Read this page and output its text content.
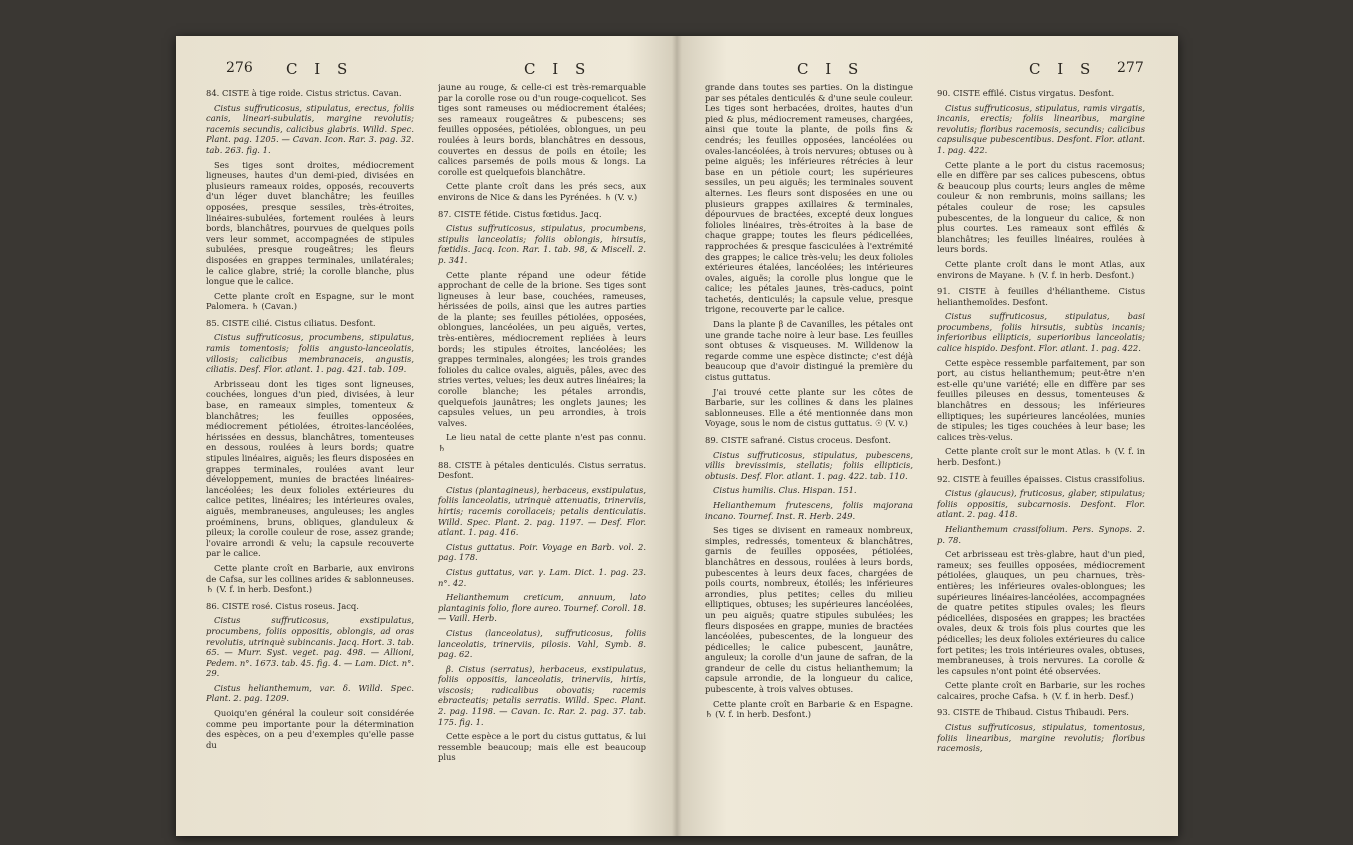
276 C I S	C I S

84. CISTE à tige roide. Cistus strictus. Cavan.

Cistus suffruticosus, stipulatus, erectus, foliis canis, lineari-subulatis, margine revolutis; racemis secundis, calicibus glabris. Willd. Spec. Plant. pag. 1205. — Cavan. Icon. Rar. 3. pag. 32. tab. 263. fig. 1.

Ses tiges sont droites, médiocrement ligneuses, hautes d'un demi-pied, divisées en plusieurs rameaux roides, opposés, recouverts d'un léger duvet blanchâtre; les feuilles opposées, presque sessiles, très-étroites, linéaires-subulées, fortement roulées à leurs bords, blanchâtres, pourvues de quelques poils vers leur sommet, accompagnées de stipules subulées, presque rougeâtres; les fleurs disposées en grappes terminales, unilatérales; le calice glabre, strié; la corolle blanche, plus longue que le calice.

Cette plante croît en Espagne, sur le mont Palomera. ♄ (Cavan.)

85. CISTE cilié. Cistus ciliatus. Desfont.

Cistus suffruticosus, procumbens, stipulatus, ramis tomentosis; foliis angusto-lanceolatis, villosis; calicibus membranaceis, angustis, ciliatis. Desf. Flor. atlant. 1. pag. 421. tab. 109.

Arbrisseau dont les tiges sont ligneuses, couchées, longues d'un pied, divisées, à leur base, en rameaux simples, tomenteux & blanchâtres; les feuilles opposées, médiocrement pétiolées, étroites-lancéolées, hérissées en dessus, blanchâtres, tomenteuses en dessous, roulées à leurs bords; quatre stipules linéaires, aiguës; les fleurs disposées en grappes terminales, roulées avant leur développement, munies de bractées linéaires-lancéolées; les deux folioles extérieures du calice petites, linéaires; les intérieures ovales, aiguës, membraneuses, anguleuses; les angles proéminens, bruns, obliques, glanduleux & pileux; la corolle couleur de rose, assez grande; l'ovaire arrondi & velu; la capsule recouverte par le calice.

Cette plante croît en Barbarie, aux environs de Cafsa, sur les collines arides & sablonneuses. ♄ (V. f. in herb. Desfont.)

86. CISTE rosé. Cistus roseus. Jacq.

Cistus suffruticosus, exstipulatus, procumbens, foliis oppositis, oblongis, ad oras revolutis, utrinquè subincanis. Jacq. Hort. 3. tab. 65. — Murr. Syst. veget. pag. 498. — Allioni, Pedem. n°. 1673. tab. 45. fig. 4. — Lam. Dict. n°. 29.

Cistus helianthemum, var. δ. Willd. Spec. Plant. 2. pag. 1209.

Quoiqu'en général la couleur soit considérée comme peu importante pour la détermination des espèces, on a peu d'exemples qu'elle passe du

jaune au rouge, & celle-ci est très-remarquable par la corolle rose ou d'un rouge-coquelicot. Ses tiges sont rameuses ou médiocrement étalées; ses rameaux rougeâtres & pubescens; ses feuilles opposées, pétiolées, oblongues, un peu roulées à leurs bords, blanchâtres en dessous, couvertes en dessus de poils en étoile; les calices parsemés de poils mous & longs. La corolle est quelquefois blanchâtre.

Cette plante croît dans les prés secs, aux environs de Nice & dans les Pyrénées. ♄ (V. v.)

87. CISTE fétide. Cistus fœtidus. Jacq.

Cistus suffruticosus, stipulatus, procumbens, stipulis lanceolatis; foliis oblongis, hirsutis, fœtidis. Jacq. Icon. Rar. 1. tab. 98, & Miscell. 2. p. 341.

Cette plante répand une odeur fétide approchant de celle de la brione. Ses tiges sont ligneuses à leur base, couchées, rameuses, hérissées de poils, ainsi que les autres parties de la plante; ses feuilles pétiolées, opposées, oblongues, lancéolées, un peu aiguës, vertes, très-entières, médiocrement repliées à leurs bords; les stipules étroites, lancéolées; les grappes terminales, alongées; les trois grandes folioles du calice ovales, aiguës, pâles, avec des stries vertes, velues; les deux autres linéaires; la corolle blanche; les pétales arrondis, quelquefois jaunâtres; les onglets jaunes; les capsules velues, un peu arrondies, à trois valves.

Le lieu natal de cette plante n'est pas connu. ♄

88. CISTE à pétales denticulés. Cistus serratus. Desfont.

Cistus (plantagineus), herbaceus, exstipulatus, foliis lanceolatis, utrinquè attenuatis, trinerviis, hirtis; racemis corollaceis; petalis denticulatis. Willd. Spec. Plant. 2. pag. 1197. — Desf. Flor. atlant. 1. pag. 416.

Cistus guttatus. Poir. Voyage en Barb. vol. 2. pag. 178.

Cistus guttatus, var. γ. Lam. Dict. 1. pag. 23. n°. 42.

Helianthemum creticum, annuum, lato plantaginis folio, flore aureo. Tournef. Coroll. 18. — Vaill. Herb.

Cistus (lanceolatus), suffruticosus, foliis lanceolatis, trinerviis, pilosis. Vahl, Symb. 8. pag. 62.

β. Cistus (serratus), herbaceus, exstipulatus, foliis oppositis, lanceolatis, trinerviis, hirtis, viscosis; radicalibus obovatis; racemis ebracteatis; petalis serratis. Willd. Spec. Plant. 2. pag. 1198. — Cavan. Ic. Rar. 2. pag. 37. tab. 175. fig. 1.

Cette espèce a le port du cistus guttatus, & lui ressemble beaucoup; mais elle est beaucoup plus

C I S	C I S 277

grande dans toutes ses parties. On la distingue par ses pétales denticulés & d'une seule couleur. Les tiges sont herbacées, droites, hautes d'un pied & plus, médiocrement rameuses, chargées, ainsi que toute la plante, de poils fins & cendrés; les feuilles opposées, lancéolées ou ovales-lancéolées, à trois nervures; obtuses ou à peine aiguës; les inférieures rétrécies à leur base en un pétiole court; les supérieures sessiles, un peu aiguës; les terminales souvent alternes. Les fleurs sont disposées en une ou plusieurs grappes axillaires & terminales, dépourvues de bractées, excepté deux longues folioles linéaires, très-étroites à la base de chaque grappe; toutes les fleurs pédicellées, rapprochées & presque fasciculées à l'extrémité des grappes; le calice très-velu; les deux folioles extérieures étalées, lancéolées; les intérieures ovales, aiguës; la corolle plus longue que le calice; les pétales jaunes, très-caducs, point tachetés, denticulés; la capsule velue, presque trigone, recouverte par le calice.

Dans la plante β de Cavanilles, les pétales ont une grande tache noire à leur base. Les feuilles sont obtuses & visqueuses. M. Willdenow la regarde comme une espèce distincte; c'est déjà beaucoup que d'avoir distingué la première du cistus guttatus.

J'ai trouvé cette plante sur les côtes de Barbarie, sur les collines & dans les plaines sablonneuses. Elle a été mentionnée dans mon Voyage, sous le nom de cistus guttatus. ☉ (V. v.)

89. CISTE safrané. Cistus croceus. Desfont.

Cistus suffruticosus, stipulatus, pubescens, villis brevissimis, stellatis; foliis ellipticis, obtusis. Desf. Flor. atlant. 1. pag. 422. tab. 110.

Cistus humilis. Clus. Hispan. 151.

Helianthemum frutescens, foliis majorana incano. Tournef. Inst. R. Herb. 249.

Ses tiges se divisent en rameaux nombreux, simples, redressés, tomenteux & blanchâtres, garnis de feuilles opposées, pétiolées, blanchâtres en dessous, roulées à leurs bords, pubescentes à leurs deux faces, chargées de poils courts, nombreux, étoilés; les inférieures arrondies, plus petites; celles du milieu elliptiques, obtuses; les supérieures lancéolées, un peu aiguës; quatre stipules subulées; les fleurs disposées en grappe, munies de bractées lancéolées, pubescentes, de la longueur des pédicelles; le calice pubescent, jaunâtre, anguleux; la corolle d'un jaune de safran, de la grandeur de celle du cistus helianthemum; la capsule arrondie, de la longueur du calice, pubescente, à trois valves obtuses.

Cette plante croît en Barbarie & en Espagne. ♄ (V. f. in herb. Desfont.)

90. CISTE effilé. Cistus virgatus. Desfont.

Cistus suffruticosus, stipulatus, ramis virgatis, incanis, erectis; foliis linearibus, margine revolutis; floribus racemosis, secundis; calicibus capsulisque pubescentibus. Desfont. Flor. atlant. 1. pag. 422.

Cette plante a le port du cistus racemosus; elle en diffère par ses calices pubescens, obtus & beaucoup plus courts; leurs angles de même couleur & non rembrunis, moins saillans; les pétales couleur de rose; les capsules pubescentes, de la longueur du calice, & non plus courtes. Les rameaux sont effilés & blanchâtres; les feuilles linéaires, roulées à leurs bords.

Cette plante croît dans le mont Atlas, aux environs de Mayane. ♄ (V. f. in herb. Desfont.)

91. CISTE à feuilles d'héliantheme. Cistus helianthemoïdes. Desfont.

Cistus suffruticosus, stipulatus, basi procumbens, foliis hirsutis, subtùs incanis; inferioribus ellipticis, superioribus lanceolatis; calice hispido. Desfont. Flor. atlant. 1. pag. 422.

Cette espèce ressemble parfaitement, par son port, au cistus helianthemum; peut-être n'en est-elle qu'une variété; elle en diffère par ses feuilles pileuses en dessus, tomenteuses & blanchâtres en dessous; les inférieures elliptiques; les supérieures lancéolées, munies de stipules; les tiges couchées à leur base; les calices très-velus.

Cette plante croît sur le mont Atlas. ♄ (V. f. in herb. Desfont.)

92. CISTE à feuilles épaisses. Cistus crassifolius.

Cistus (glaucus), fruticosus, glaber, stipulatus; foliis oppositis, subcarnosis. Desfont. Flor. atlant. 2. pag. 418.

Helianthemum crassifolium. Pers. Synops. 2. p. 78.

Cet arbrisseau est très-glabre, haut d'un pied, rameux; ses feuilles opposées, médiocrement pétiolées, glauques, un peu charnues, très-entières; les inférieures ovales-oblongues; les supérieures linéaires-lancéolées, accompagnées de quatre petites stipules ovales; les fleurs pédicellées, disposées en grappes; les bractées ovales, deux & trois fois plus courtes que les pédicelles; les deux folioles extérieures du calice fort petites; les trois intérieures ovales, obtuses, membraneuses, à trois nervures. La corolle & les capsules n'ont point été observées.

Cette plante croît en Barbarie, sur les roches calcaires, proche Cafsa. ♄ (V. f. in herb. Desf.)

93. CISTE de Thibaud. Cistus Thibaudi. Pers.

Cistus suffruticosus, stipulatus, tomentosus, foliis linearibus, margine revolutis; floribus racemosis,
